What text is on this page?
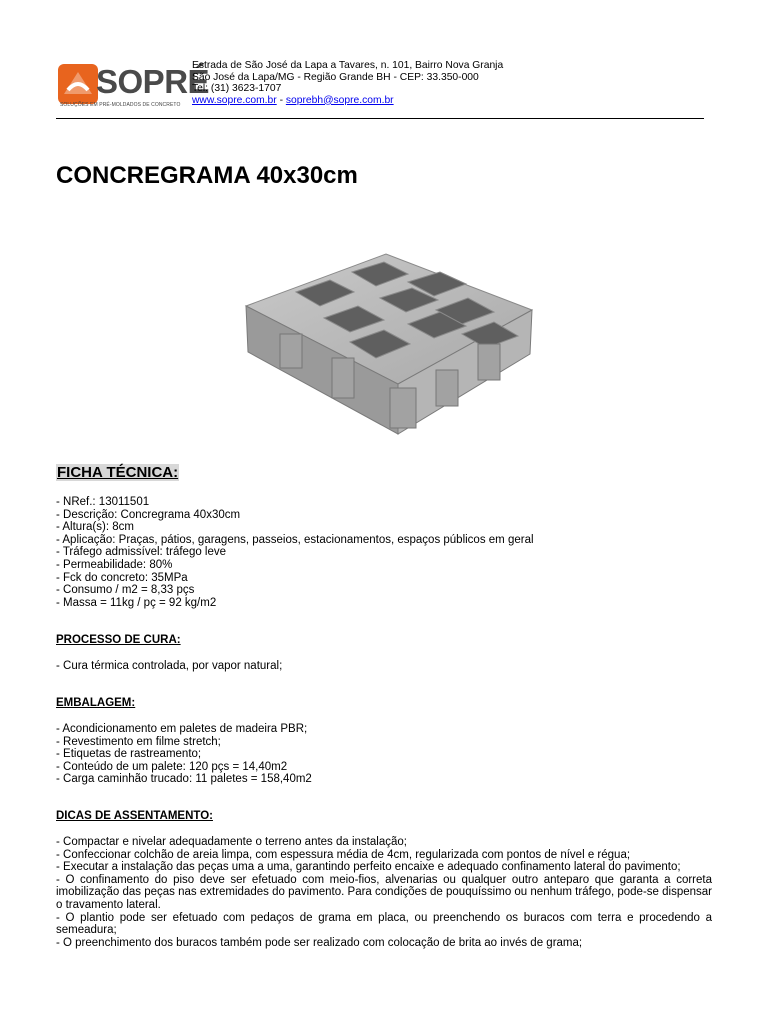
SOPRÉ
SOLUÇÕES EM PRÉ-MOLDADOS DE CONCRETO
Estrada de São José da Lapa a Tavares, n. 101, Bairro Nova Granja
São José da Lapa/MG - Região Grande BH - CEP: 33.350-000
Tel: (31) 3623-1707
www.sopre.com.br - soprebh@sopre.com.br
CONCREGRAMA 40x30cm
FICHA TÉCNICA:
- NRef.: 13011501
- Descrição: Concregrama 40x30cm
- Altura(s): 8cm
- Aplicação: Praças, pátios, garagens, passeios, estacionamentos, espaços públicos em geral
- Tráfego admissível: tráfego leve
- Permeabilidade: 80%
- Fck do concreto: 35MPa
- Consumo / m2 = 8,33 pçs
- Massa = 11kg / pç = 92 kg/m2
PROCESSO DE CURA:
- Cura térmica controlada, por vapor natural;
EMBALAGEM:
- Acondicionamento em paletes de madeira PBR;
- Revestimento em filme stretch;
- Etiquetas de rastreamento;
- Conteúdo de um palete: 120 pçs = 14,40m2
- Carga caminhão trucado: 11 paletes = 158,40m2
DICAS DE ASSENTAMENTO:
- Compactar e nivelar adequadamente o terreno antes da instalação;
- Confeccionar colchão de areia limpa, com espessura média de 4cm, regularizada com pontos de nível e régua;
- Executar a instalação das peças uma a uma, garantindo perfeito encaixe e adequado confinamento lateral do pavimento;
- O confinamento do piso deve ser efetuado com meio-fios, alvenarias ou qualquer outro anteparo que garanta a correta imobilização das peças nas extremidades do pavimento. Para condições de pouquíssimo ou nenhum tráfego, pode-se dispensar o travamento lateral.
- O plantio pode ser efetuado com pedaços de grama em placa, ou preenchendo os buracos com terra e procedendo a semeadura;
- O preenchimento dos buracos também pode ser realizado com colocação de brita ao invés de grama;
